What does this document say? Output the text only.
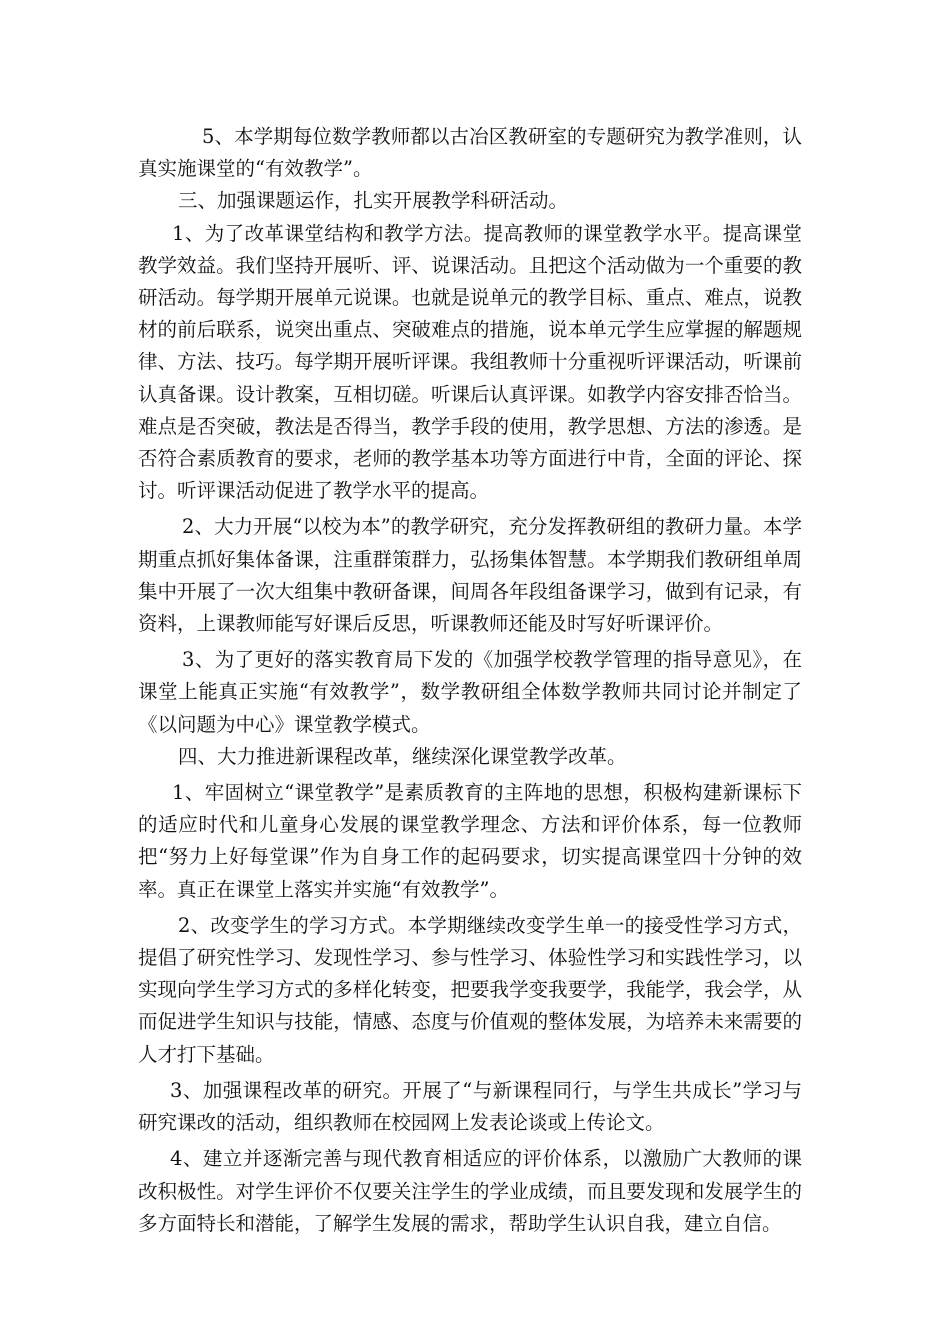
5、本学期每位数学教师都以古冶区教研室的专题研究为教学准则，认真实施课堂的“有效教学”。

三、加强课题运作，扎实开展教学科研活动。

1、为了改革课堂结构和教学方法。提高教师的课堂教学水平。提高课堂教学效益。我们坚持开展听、评、说课活动。且把这个活动做为一个重要的教研活动。每学期开展单元说课。也就是说单元的教学目标、重点、难点，说教材的前后联系，说突出重点、突破难点的措施，说本单元学生应掌握的解题规律、方法、技巧。每学期开展听评课。我组教师十分重视听评课活动，听课前认真备课。设计教案，互相切磋。听课后认真评课。如教学内容安排否恰当。难点是否突破，教法是否得当，教学手段的使用，教学思想、方法的渗透。是否符合素质教育的要求，老师的教学基本功等方面进行中肯，全面的评论、探讨。听评课活动促进了教学水平的提高。

2、大力开展“以校为本”的教学研究，充分发挥教研组的教研力量。本学期重点抓好集体备课，注重群策群力，弘扬集体智慧。本学期我们教研组单周集中开展了一次大组集中教研备课，间周各年段组备课学习，做到有记录，有资料，上课教师能写好课后反思，听课教师还能及时写好听课评价。

3、为了更好的落实教育局下发的《加强学校教学管理的指导意见》，在课堂上能真正实施“有效教学”，数学教研组全体数学教师共同讨论并制定了《以问题为中心》课堂教学模式。

四、大力推进新课程改革，继续深化课堂教学改革。

1、牢固树立“课堂教学”是素质教育的主阵地的思想，积极构建新课标下的适应时代和儿童身心发展的课堂教学理念、方法和评价体系，每一位教师把“努力上好每堂课”作为自身工作的起码要求，切实提高课堂四十分钟的效率。真正在课堂上落实并实施“有效教学”。

2、改变学生的学习方式。本学期继续改变学生单一的接受性学习方式，提倡了研究性学习、发现性学习、参与性学习、体验性学习和实践性学习，以实现向学生学习方式的多样化转变，把要我学变我要学，我能学，我会学，从而促进学生知识与技能，情感、态度与价值观的整体发展，为培养未来需要的人才打下基础。

3、加强课程改革的研究。开展了“与新课程同行，与学生共成长”学习与研究课改的活动，组织教师在校园网上发表论谈或上传论文。

4、建立并逐渐完善与现代教育相适应的评价体系，以激励广大教师的课改积极性。对学生评价不仅要关注学生的学业成绩，而且要发现和发展学生的多方面特长和潜能，了解学生发展的需求，帮助学生认识自我，建立自信。
